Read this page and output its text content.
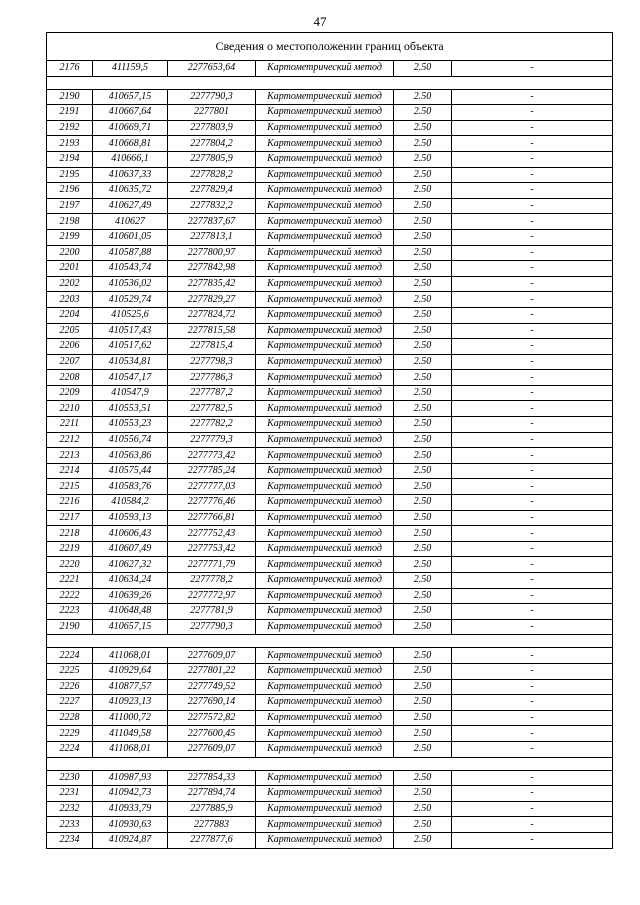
47
Сведения о местоположении границ объекта					
2176	411159,5	2277653,64	Картометрический метод	2.50	-

2190	410657,15	2277790,3	Картометрический метод	2.50	-
2191	410667,64	2277801	Картометрический метод	2.50	-
2192	410669,71	2277803,9	Картометрический метод	2.50	-
2193	410668,81	2277804,2	Картометрический метод	2.50	-
2194	410666,1	2277805,9	Картометрический метод	2.50	-
2195	410637,33	2277828,2	Картометрический метод	2.50	-
2196	410635,72	2277829,4	Картометрический метод	2.50	-
2197	410627,49	2277832,2	Картометрический метод	2.50	-
2198	410627	2277837,67	Картометрический метод	2.50	-
2199	410601,05	2277813,1	Картометрический метод	2.50	-
2200	410587,88	2277800,97	Картометрический метод	2.50	-
2201	410543,74	2277842,98	Картометрический метод	2.50	-
2202	410536,02	2277835,42	Картометрический метод	2.50	-
2203	410529,74	2277829,27	Картометрический метод	2.50	-
2204	410525,6	2277824,72	Картометрический метод	2.50	-
2205	410517,43	2277815,58	Картометрический метод	2.50	-
2206	410517,62	2277815,4	Картометрический метод	2.50	-
2207	410534,81	2277798,3	Картометрический метод	2.50	-
2208	410547,17	2277786,3	Картометрический метод	2.50	-
2209	410547,9	2277787,2	Картометрический метод	2.50	-
2210	410553,51	2277782,5	Картометрический метод	2.50	-
2211	410553,23	2277782,2	Картометрический метод	2.50	-
2212	410556,74	2277779,3	Картометрический метод	2.50	-
2213	410563,86	2277773,42	Картометрический метод	2.50	-
2214	410575,44	2277785,24	Картометрический метод	2.50	-
2215	410583,76	2277777,03	Картометрический метод	2.50	-
2216	410584,2	2277776,46	Картометрический метод	2.50	-
2217	410593,13	2277766,81	Картометрический метод	2.50	-
2218	410606,43	2277752,43	Картометрический метод	2.50	-
2219	410607,49	2277753,42	Картометрический метод	2.50	-
2220	410627,32	2277771,79	Картометрический метод	2.50	-
2221	410634,24	2277778,2	Картометрический метод	2.50	-
2222	410639,26	2277772,97	Картометрический метод	2.50	-
2223	410648,48	2277781,9	Картометрический метод	2.50	-
2190	410657,15	2277790,3	Картометрический метод	2.50	-

2224	411068,01	2277609,07	Картометрический метод	2.50	-
2225	410929,64	2277801,22	Картометрический метод	2.50	-
2226	410877,57	2277749,52	Картометрический метод	2.50	-
2227	410923,13	2277690,14	Картометрический метод	2.50	-
2228	411000,72	2277572,82	Картометрический метод	2.50	-
2229	411049,58	2277600,45	Картометрический метод	2.50	-
2224	411068,01	2277609,07	Картометрический метод	2.50	-

2230	410987,93	2277854,33	Картометрический метод	2.50	-
2231	410942,73	2277894,74	Картометрический метод	2.50	-
2232	410933,79	2277885,9	Картометрический метод	2.50	-
2233	410930,63	2277883	Картометрический метод	2.50	-
2234	410924,87	2277877,6	Картометрический метод	2.50	-
